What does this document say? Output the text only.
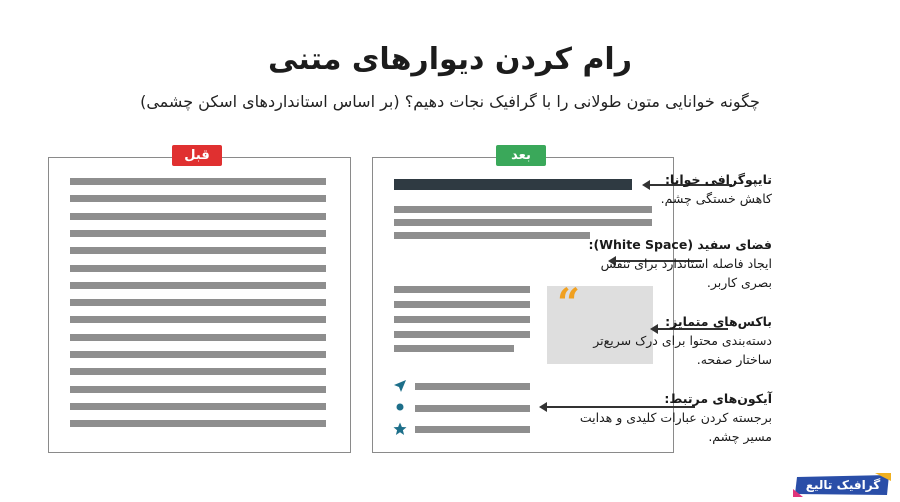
رام کردن دیوارهای متنی
چگونه خوانایی متون طولانی را با گرافیک نجات دهیم؟ (بر اساس استانداردهای اسکن چشمی)
قبل	بعد
“
تایپوگرافی خوانا:
کاهش خستگی چشم.
فضای سفید (White Space):
ایجاد فاصله استاندارد برای تنفس بصری کاربر.
باکس‌های متمایز:
دسته‌بندی محتوا برای درک سریع‌تر ساختار صفحه.
آیکون‌های مرتبط:
برجسته کردن عبارات کلیدی و هدایت مسیر چشم.
گرافیک تالیع
